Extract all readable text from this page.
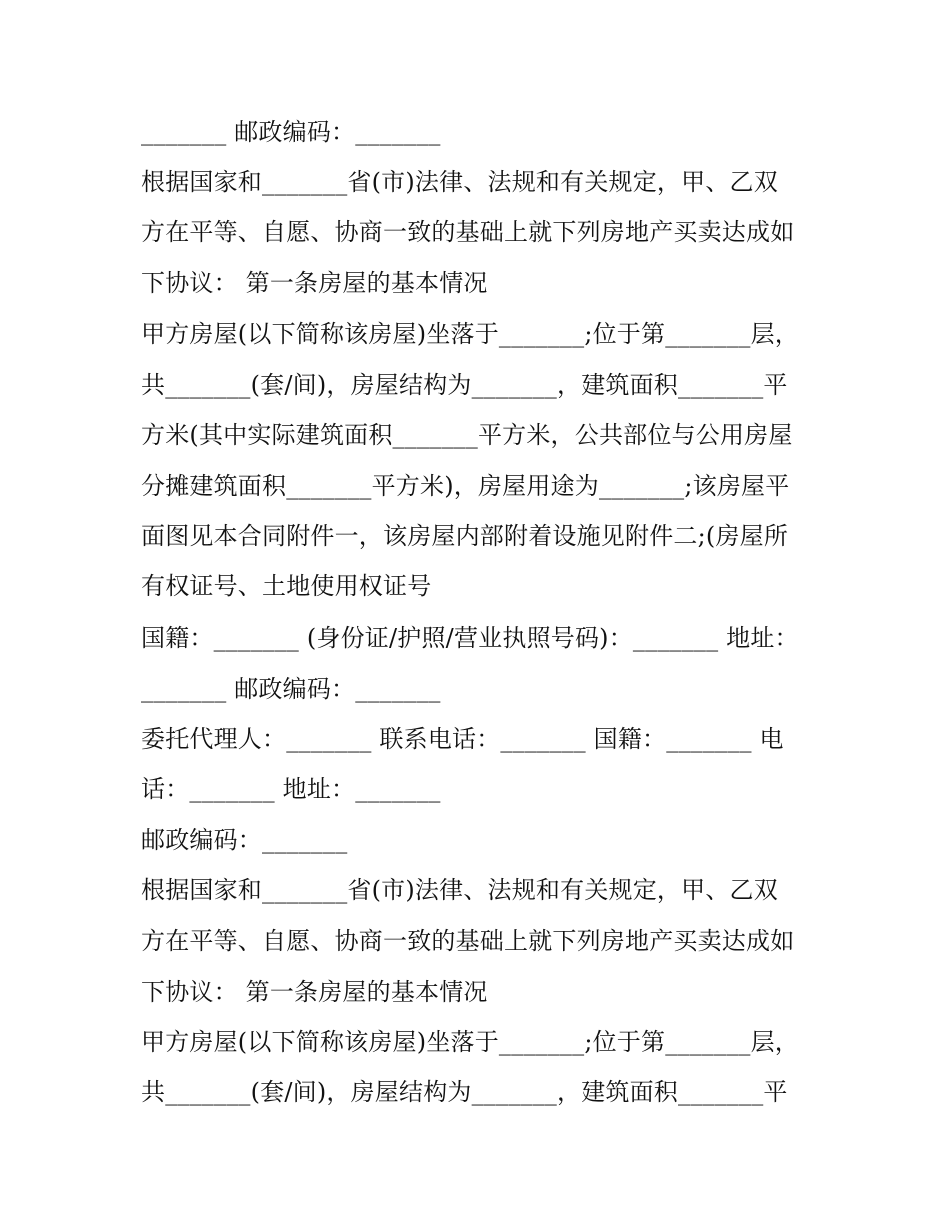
_______ 邮政编码：_______
根据国家和_______省(市)法律、法规和有关规定，甲、乙双
方在平等、自愿、协商一致的基础上就下列房地产买卖达成如
下协议： 第一条房屋的基本情况
甲方房屋(以下简称该房屋)坐落于_______;位于第_______层，
共_______(套/间)，房屋结构为_______，建筑面积_______平
方米(其中实际建筑面积_______平方米，公共部位与公用房屋
分摊建筑面积_______平方米)，房屋用途为_______;该房屋平
面图见本合同附件一，该房屋内部附着设施见附件二;(房屋所
有权证号、土地使用权证号
国籍：_______ (身份证/护照/营业执照号码)：_______ 地址：
_______ 邮政编码：_______
委托代理人：_______ 联系电话：_______ 国籍：_______ 电
话：_______ 地址：_______
邮政编码：_______
根据国家和_______省(市)法律、法规和有关规定，甲、乙双
方在平等、自愿、协商一致的基础上就下列房地产买卖达成如
下协议： 第一条房屋的基本情况
甲方房屋(以下简称该房屋)坐落于_______;位于第_______层，
共_______(套/间)，房屋结构为_______，建筑面积_______平
